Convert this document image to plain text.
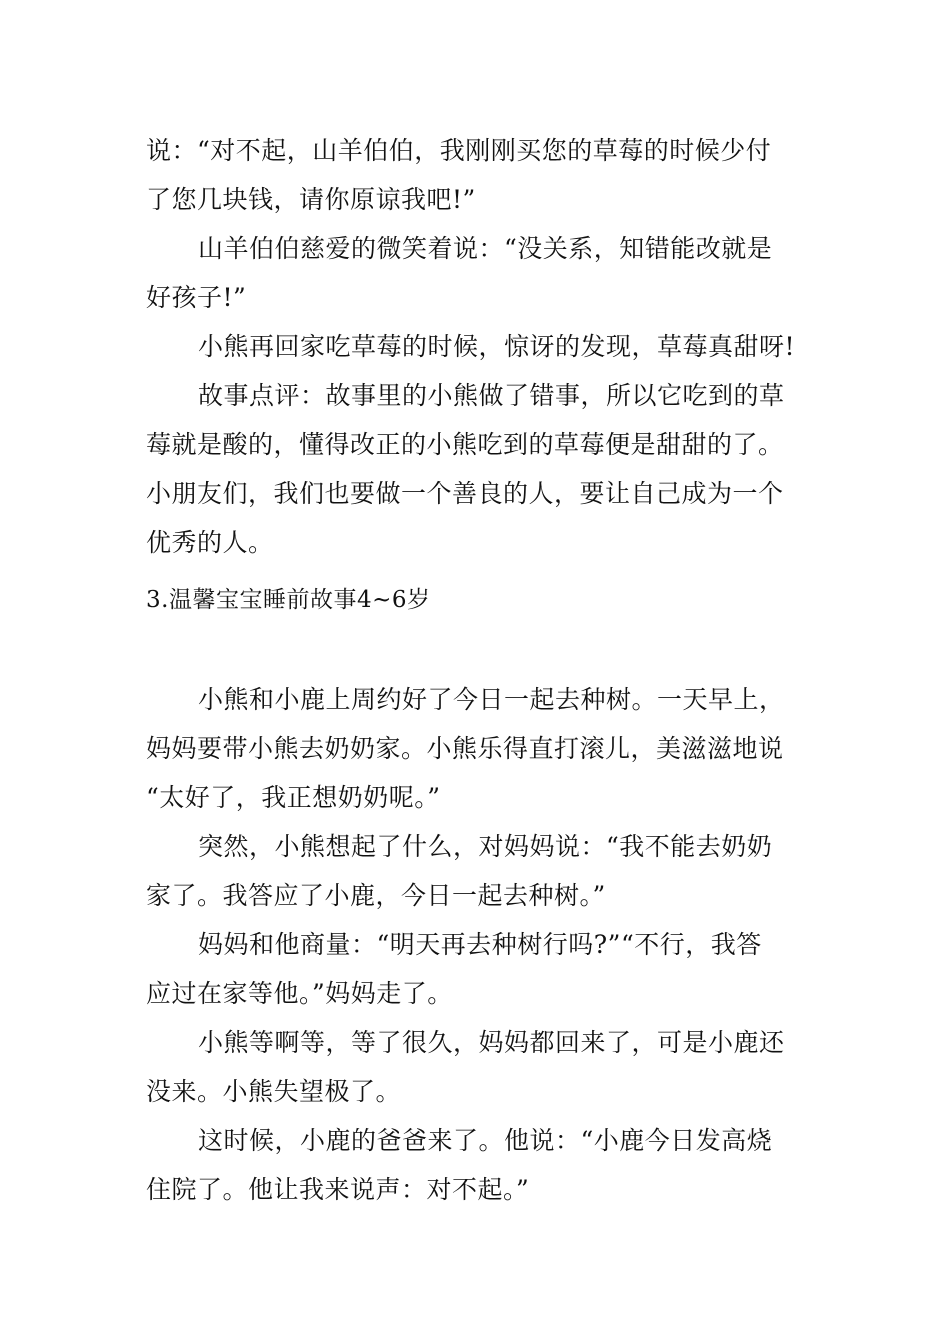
说：“对不起，山羊伯伯，我刚刚买您的草莓的时候少付
了您几块钱，请你原谅我吧!”
山羊伯伯慈爱的微笑着说：“没关系，知错能改就是
好孩子!”
小熊再回家吃草莓的时候，惊讶的发现，草莓真甜呀!
故事点评：故事里的小熊做了错事，所以它吃到的草
莓就是酸的，懂得改正的小熊吃到的草莓便是甜甜的了。
小朋友们，我们也要做一个善良的人，要让自己成为一个
优秀的人。
3.温馨宝宝睡前故事4~6岁
小熊和小鹿上周约好了今日一起去种树。一天早上，
妈妈要带小熊去奶奶家。小熊乐得直打滚儿，美滋滋地说
“太好了，我正想奶奶呢。”
突然，小熊想起了什么，对妈妈说：“我不能去奶奶
家了。我答应了小鹿，今日一起去种树。”
妈妈和他商量：“明天再去种树行吗?”“不行，我答
应过在家等他。”妈妈走了。
小熊等啊等，等了很久，妈妈都回来了，可是小鹿还
没来。小熊失望极了。
这时候，小鹿的爸爸来了。他说：“小鹿今日发高烧
住院了。他让我来说声：对不起。”
